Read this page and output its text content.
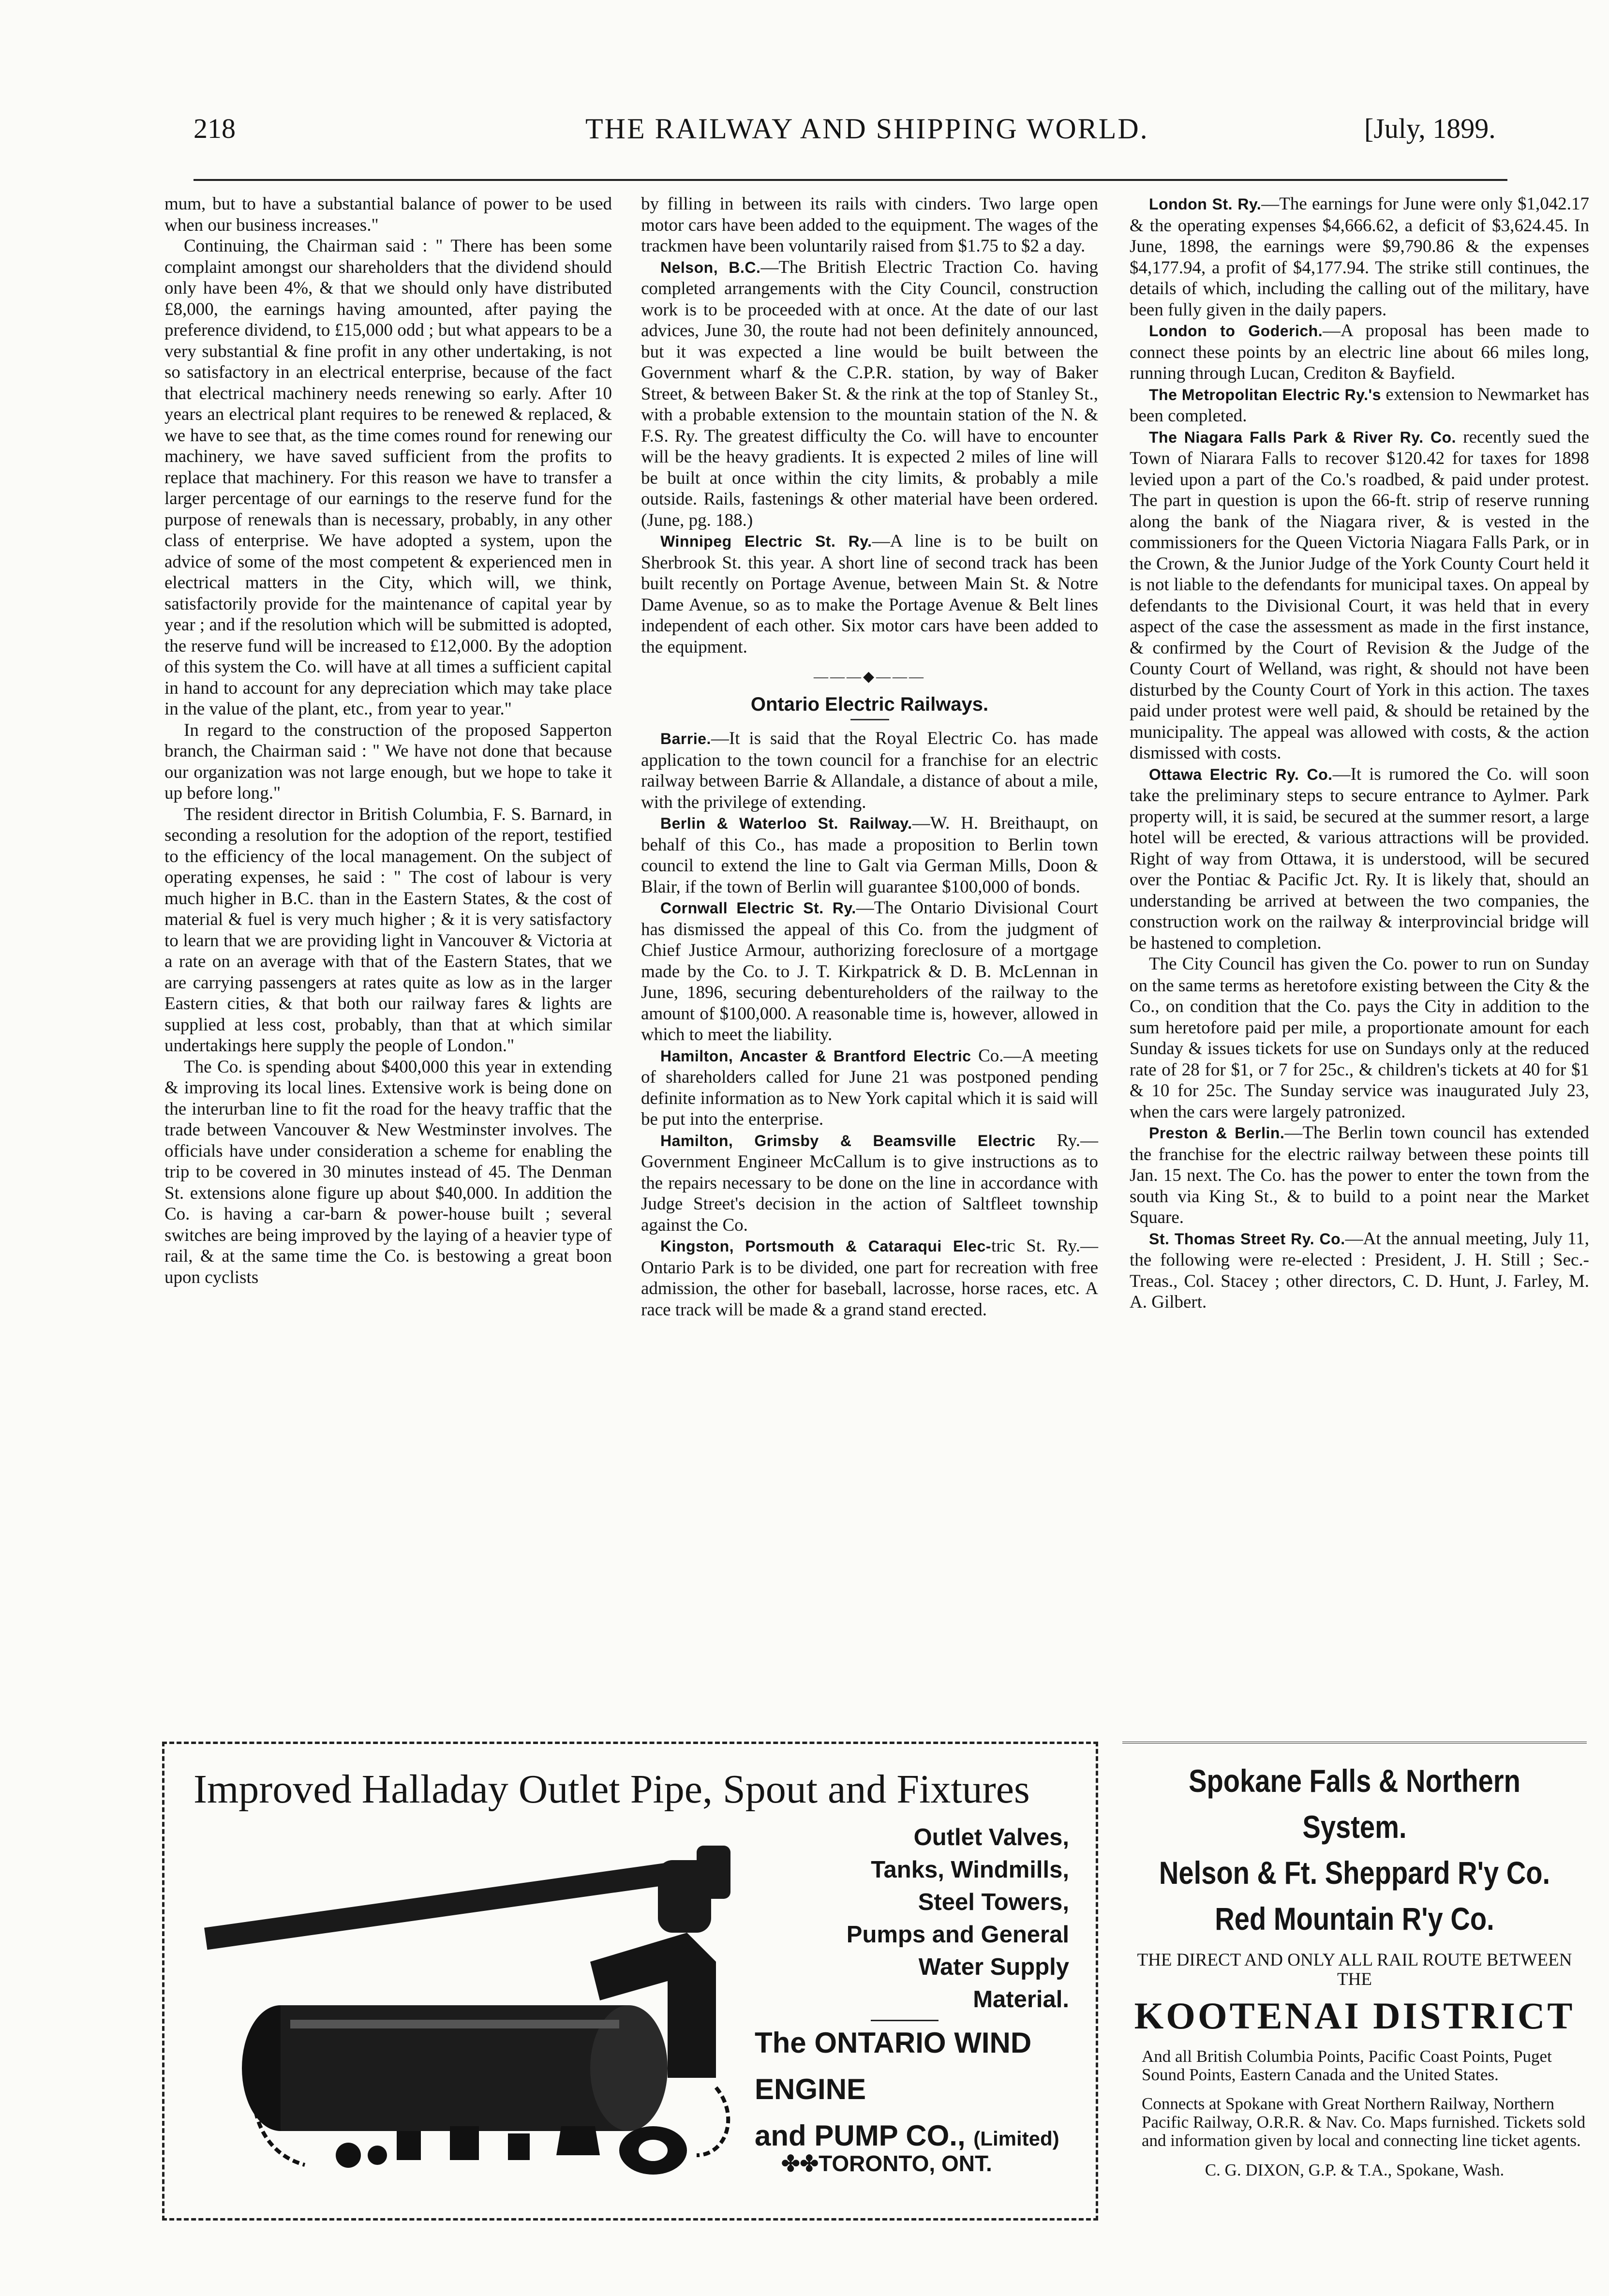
218	THE RAILWAY AND SHIPPING WORLD.	[July, 1899.

mum, but to have a substantial balance of power to be used when our business increases."

Continuing, the Chairman said : " There has been some complaint amongst our shareholders that the dividend should only have been 4%, & that we should only have distributed £8,000, the earnings having amounted, after paying the preference dividend, to £15,000 odd ; but what appears to be a very substantial & fine profit in any other undertaking, is not so satisfactory in an electrical enterprise, because of the fact that electrical machinery needs renewing so early. After 10 years an electrical plant requires to be renewed & replaced, & we have to see that, as the time comes round for renewing our machinery, we have saved sufficient from the profits to replace that machinery. For this reason we have to transfer a larger percentage of our earnings to the reserve fund for the purpose of renewals than is necessary, probably, in any other class of enterprise. We have adopted a system, upon the advice of some of the most competent & experienced men in electrical matters in the City, which will, we think, satisfactorily provide for the maintenance of capital year by year ; and if the resolution which will be submitted is adopted, the reserve fund will be increased to £12,000. By the adoption of this system the Co. will have at all times a sufficient capital in hand to account for any depreciation which may take place in the value of the plant, etc., from year to year."

In regard to the construction of the proposed Sapperton branch, the Chairman said : " We have not done that because our organization was not large enough, but we hope to take it up before long."

The resident director in British Columbia, F. S. Barnard, in seconding a resolution for the adoption of the report, testified to the efficiency of the local management. On the subject of operating expenses, he said : " The cost of labour is very much higher in B.C. than in the Eastern States, & the cost of material & fuel is very much higher ; & it is very satisfactory to learn that we are providing light in Vancouver & Victoria at a rate on an average with that of the Eastern States, that we are carrying passengers at rates quite as low as in the larger Eastern cities, & that both our railway fares & lights are supplied at less cost, probably, than that at which similar undertakings here supply the people of London."

The Co. is spending about $400,000 this year in extending & improving its local lines. Extensive work is being done on the interurban line to fit the road for the heavy traffic that the trade between Vancouver & New Westminster involves. The officials have under consideration a scheme for enabling the trip to be covered in 30 minutes instead of 45. The Denman St. extensions alone figure up about $40,000. In addition the Co. is having a car-barn & power-house built ; several switches are being improved by the laying of a heavier type of rail, & at the same time the Co. is bestowing a great boon upon cyclists

by filling in between its rails with cinders. Two large open motor cars have been added to the equipment. The wages of the trackmen have been voluntarily raised from $1.75 to $2 a day.

Nelson, B.C.—The British Electric Traction Co. having completed arrangements with the City Council, construction work is to be proceeded with at once. At the date of our last advices, June 30, the route had not been definitely announced, but it was expected a line would be built between the Government wharf & the C.P.R. station, by way of Baker Street, & between Baker St. & the rink at the top of Stanley St., with a probable extension to the mountain station of the N. & F.S. Ry. The greatest difficulty the Co. will have to encounter will be the heavy gradients. It is expected 2 miles of line will be built at once within the city limits, & probably a mile outside. Rails, fastenings & other material have been ordered. (June, pg. 188.)

Winnipeg Electric St. Ry.—A line is to be built on Sherbrook St. this year. A short line of second track has been built recently on Portage Avenue, between Main St. & Notre Dame Avenue, so as to make the Portage Avenue & Belt lines independent of each other. Six motor cars have been added to the equipment.

———◆———
Ontario Electric Railways.

Barrie.—It is said that the Royal Electric Co. has made application to the town council for a franchise for an electric railway between Barrie & Allandale, a distance of about a mile, with the privilege of extending.

Berlin & Waterloo St. Railway.—W. H. Breithaupt, on behalf of this Co., has made a proposition to Berlin town council to extend the line to Galt via German Mills, Doon & Blair, if the town of Berlin will guarantee $100,000 of bonds.

Cornwall Electric St. Ry.—The Ontario Divisional Court has dismissed the appeal of this Co. from the judgment of Chief Justice Armour, authorizing foreclosure of a mortgage made by the Co. to J. T. Kirkpatrick & D. B. McLennan in June, 1896, securing debentureholders of the railway to the amount of $100,000. A reasonable time is, however, allowed in which to meet the liability.

Hamilton, Ancaster & Brantford Electric Co.—A meeting of shareholders called for June 21 was postponed pending definite information as to New York capital which it is said will be put into the enterprise.

Hamilton, Grimsby & Beamsville Electric Ry.—Government Engineer McCallum is to give instructions as to the repairs necessary to be done on the line in accordance with Judge Street's decision in the action of Saltfleet township against the Co.

Kingston, Portsmouth & Cataraqui Elec-tric St. Ry.—Ontario Park is to be divided, one part for recreation with free admission, the other for baseball, lacrosse, horse races, etc. A race track will be made & a grand stand erected.

London St. Ry.—The earnings for June were only $1,042.17 & the operating expenses $4,666.62, a deficit of $3,624.45. In June, 1898, the earnings were $9,790.86 & the expenses $4,177.94, a profit of $4,177.94. The strike still continues, the details of which, including the calling out of the military, have been fully given in the daily papers.

London to Goderich.—A proposal has been made to connect these points by an electric line about 66 miles long, running through Lucan, Crediton & Bayfield.

The Metropolitan Electric Ry.'s extension to Newmarket has been completed.

The Niagara Falls Park & River Ry. Co. recently sued the Town of Niarara Falls to recover $120.42 for taxes for 1898 levied upon a part of the Co.'s roadbed, & paid under protest. The part in question is upon the 66-ft. strip of reserve running along the bank of the Niagara river, & is vested in the commissioners for the Queen Victoria Niagara Falls Park, or in the Crown, & the Junior Judge of the York County Court held it is not liable to the defendants for municipal taxes. On appeal by defendants to the Divisional Court, it was held that in every aspect of the case the assessment as made in the first instance, & confirmed by the Court of Revision & the Judge of the County Court of Welland, was right, & should not have been disturbed by the County Court of York in this action. The taxes paid under protest were well paid, & should be retained by the municipality. The appeal was allowed with costs, & the action dismissed with costs.

Ottawa Electric Ry. Co.—It is rumored the Co. will soon take the preliminary steps to secure entrance to Aylmer. Park property will, it is said, be secured at the summer resort, a large hotel will be erected, & various attractions will be provided. Right of way from Ottawa, it is understood, will be secured over the Pontiac & Pacific Jct. Ry. It is likely that, should an understanding be arrived at between the two companies, the construction work on the railway & interprovincial bridge will be hastened to completion.

The City Council has given the Co. power to run on Sunday on the same terms as heretofore existing between the City & the Co., on condition that the Co. pays the City in addition to the sum heretofore paid per mile, a proportionate amount for each Sunday & issues tickets for use on Sundays only at the reduced rate of 28 for $1, or 7 for 25c., & children's tickets at 40 for $1 & 10 for 25c. The Sunday service was inaugurated July 23, when the cars were largely patronized.

Preston & Berlin.—The Berlin town council has extended the franchise for the electric railway between these points till Jan. 15 next. The Co. has the power to enter the town from the south via King St., & to build to a point near the Market Square.

St. Thomas Street Ry. Co.—At the annual meeting, July 11, the following were re-elected : President, J. H. Still ; Sec.-Treas., Col. Stacey ; other directors, C. D. Hunt, J. Farley, M. A. Gilbert.

Improved Halladay Outlet Pipe, Spout and Fixtures
Outlet Valves,
Tanks, Windmills,
Steel Towers,
Pumps and General
Water Supply
Material.
The ONTARIO WIND ENGINE
and PUMP CO., (Limited)
✤✤TORONTO, ONT.
Spokane Falls & Northern System.
Nelson & Ft. Sheppard R'y Co.
Red Mountain R'y Co.
THE DIRECT AND ONLY ALL RAIL ROUTE BETWEEN THE
KOOTENAI DISTRICT
And all British Columbia Points, Pacific Coast Points, Puget Sound Points, Eastern Canada and the United States.
Connects at Spokane with Great Northern Railway, Northern Pacific Railway, O.R.R. & Nav. Co. Maps furnished. Tickets sold and information given by local and connecting line ticket agents.
C. G. DIXON, G.P. & T.A., Spokane, Wash.
